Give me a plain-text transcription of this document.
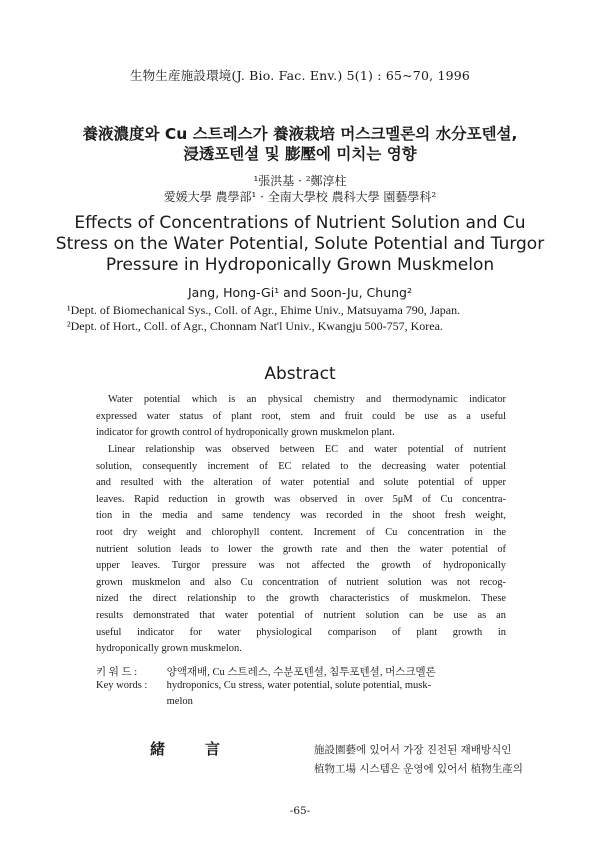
生物生産施設環境(J. Bio. Fac. Env.) 5(1) : 65~70, 1996
養液濃度와 Cu 스트레스가 養液栽培 머스크멜론의 水分포텐셜,
浸透포텐셜 및 膨壓에 미치는 영향
¹張洪基 · ²鄭淳柱
愛媛大學 農學部¹ · 全南大學校 農科大學 園藝學科²
Effects of Concentrations of Nutrient Solution and Cu
Stress on the Water Potential, Solute Potential and Turgor
Pressure in Hydroponically Grown Muskmelon
Jang, Hong-Gi¹ and Soon-Ju, Chung²
¹Dept. of Biomechanical Sys., Coll. of Agr., Ehime Univ., Matsuyama 790, Japan.
²Dept. of Hort., Coll. of Agr., Chonnam Nat'l Univ., Kwangju 500-757, Korea.
Abstract
Water potential which is an physical chemistry and thermodynamic indicator
expressed water status of plant root, stem and fruit could be use as a useful
indicator for growth control of hydroponically grown muskmelon plant.
Linear relationship was observed between EC and water potential of nutrient
solution, consequently increment of EC related to the decreasing water potential
and resulted with the alteration of water potential and solute potential of upper
leaves. Rapid reduction in growth was observed in over 5μM of Cu concentra-
tion in the media and same tendency was recorded in the shoot fresh weight,
root dry weight and chlorophyll content. Increment of Cu concentration in the
nutrient solution leads to lower the growth rate and then the water potential of
upper leaves. Turgor pressure was not affected the growth of hydroponically
grown muskmelon and also Cu concentration of nutrient solution was not recog-
nized the direct relationship to the growth characteristics of muskmelon. These
results demonstrated that water potential of nutrient solution can be use as an
useful indicator for water physiological comparison of plant growth in
hydroponically grown muskmelon.
키 워 드 :	양액재배, Cu 스트레스, 수분포텐셜, 침투포텐셜, 머스크멜론
Key words : hydroponics, Cu stress, water potential, solute potential, musk-
melon
緒言	施設園藝에 있어서 가장 진전된 재배방식인
植物工場 시스템은 운영에 있어서 植物生產의
-65-
